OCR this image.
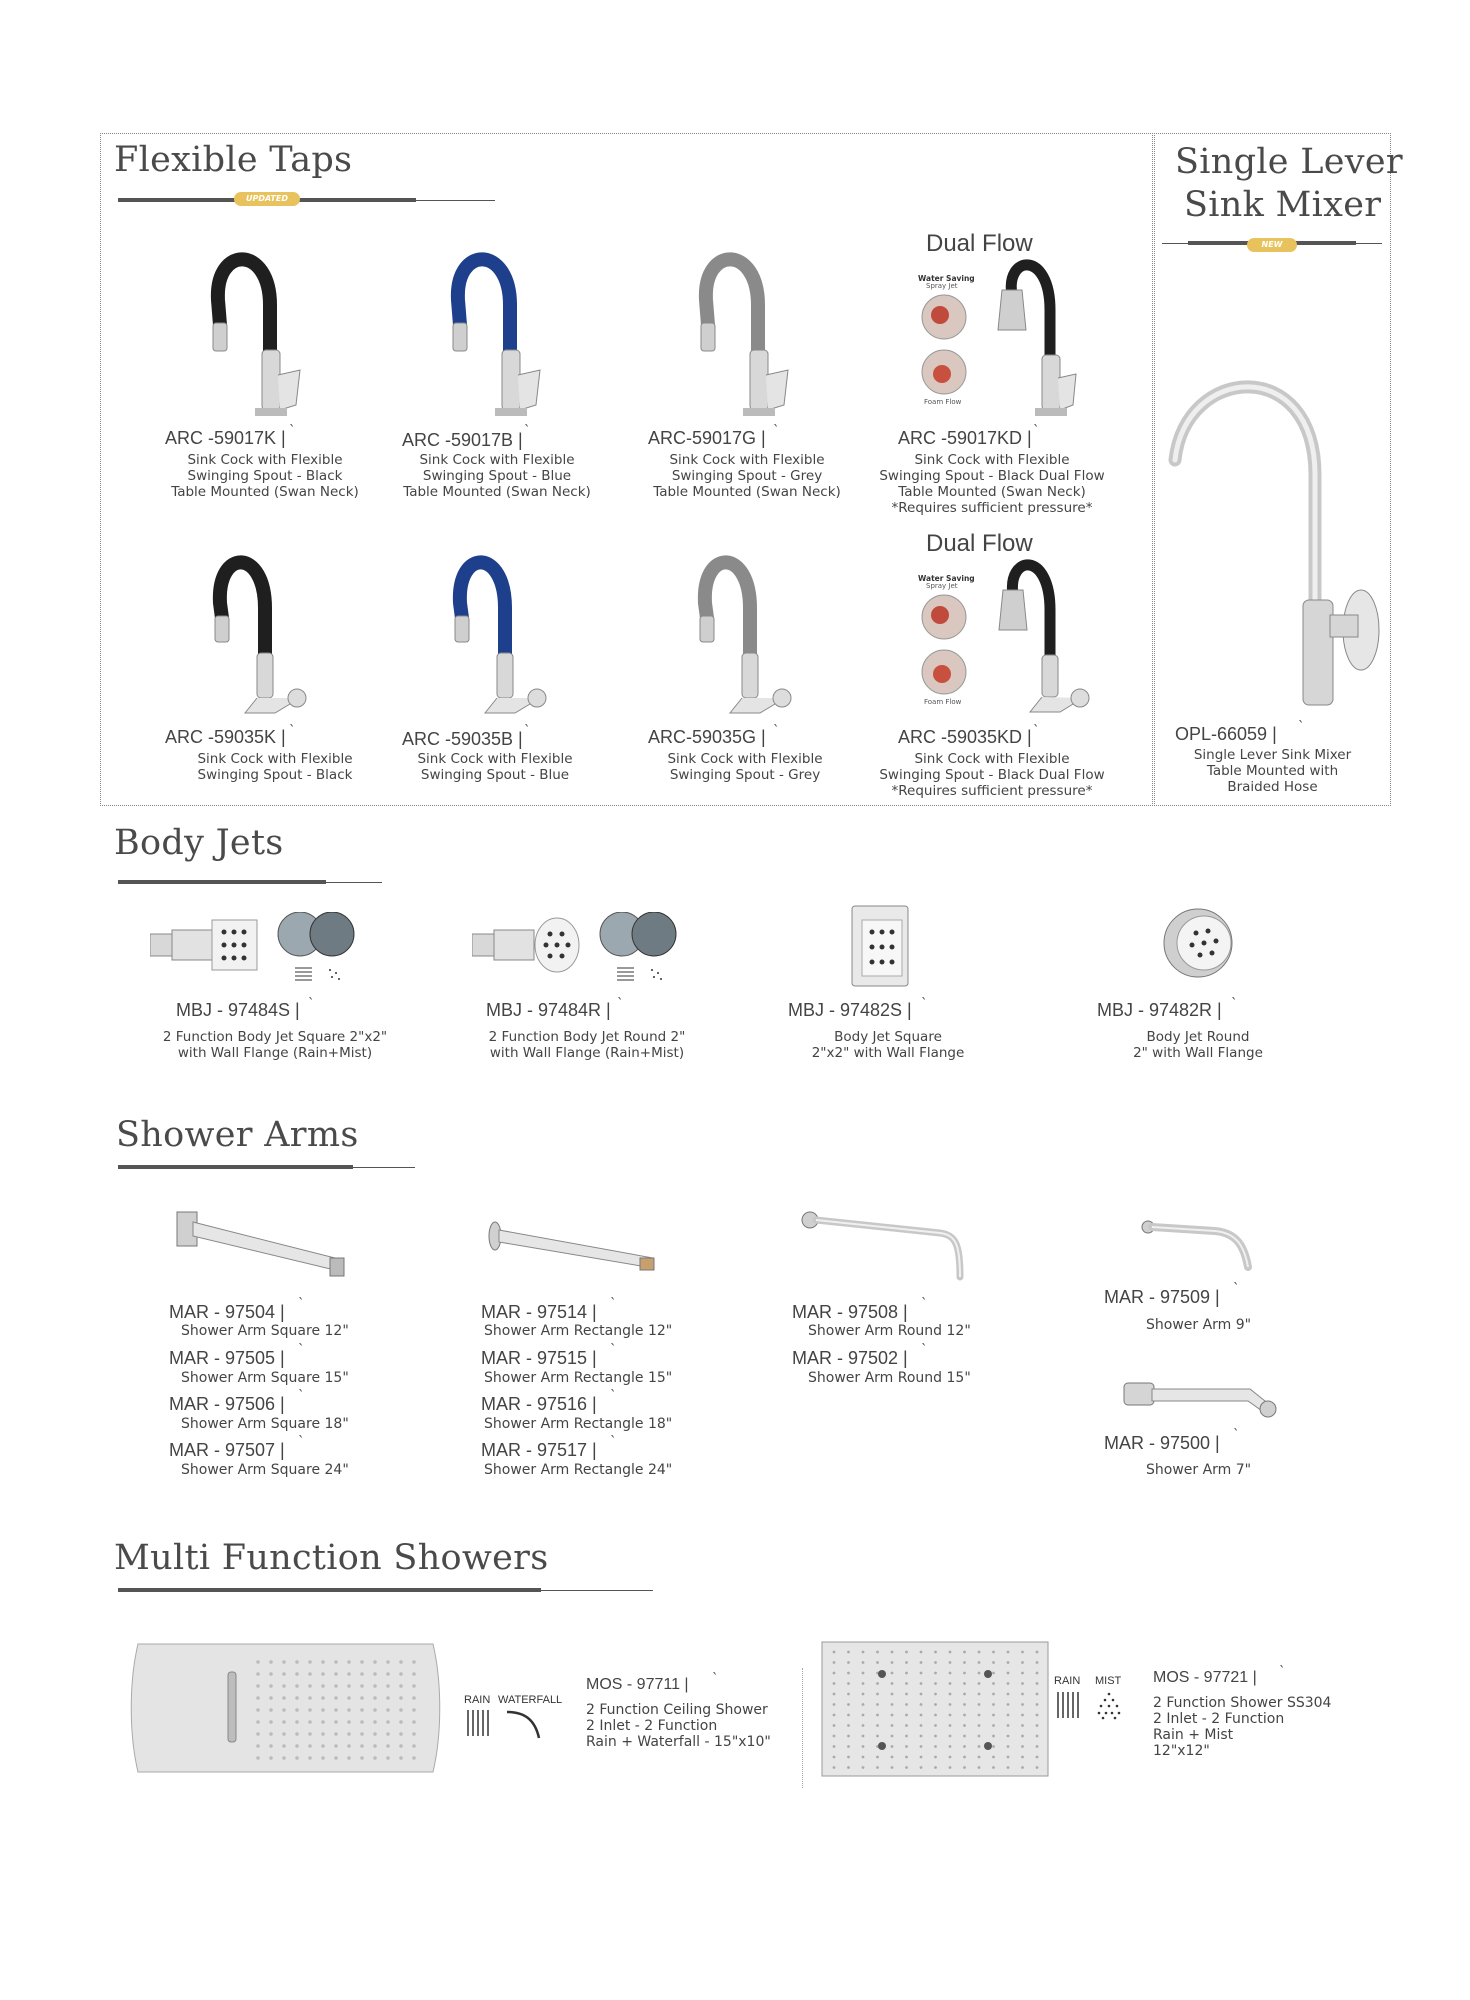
Flexible Taps
UPDATED
Dual Flow
Water Saving
Spray Jet
Foam Flow
ARC -59017K | `
Sink Cock with Flexible
Swinging Spout - Black
Table Mounted (Swan Neck)
ARC -59017B | `
Sink Cock with Flexible
Swinging Spout - Blue
Table Mounted (Swan Neck)
ARC-59017G | `
Sink Cock with Flexible
Swinging Spout - Grey
Table Mounted (Swan Neck)
ARC -59017KD | `
Sink Cock with Flexible
Swinging Spout - Black Dual Flow
Table Mounted (Swan Neck)
*Requires sufficient pressure*
Dual Flow
Water Saving
Spray Jet
Foam Flow
ARC -59035K | `
Sink Cock with Flexible
Swinging Spout - Black
ARC -59035B | `
Sink Cock with Flexible
Swinging Spout - Blue
ARC-59035G | `
Sink Cock with Flexible
Swinging Spout - Grey
ARC -59035KD | `
Sink Cock with Flexible
Swinging Spout - Black Dual Flow
*Requires sufficient pressure*
Single Lever
Sink Mixer
NEW
OPL-66059 | `
Single Lever Sink Mixer
Table Mounted with
Braided Hose
Body Jets
MBJ - 97484S | `
2 Function Body Jet Square 2"x2"
with Wall Flange (Rain+Mist)
MBJ - 97484R | `
2 Function Body Jet Round 2"
with Wall Flange (Rain+Mist)
MBJ - 97482S | `
Body Jet Square
2"x2" with Wall Flange
MBJ - 97482R | `
Body Jet Round
2" with Wall Flange
Shower Arms
MAR - 97504 | `
Shower Arm Square 12"
MAR - 97505 | `
Shower Arm Square 15"
MAR - 97506 | `
Shower Arm Square 18"
MAR - 97507 | `
Shower Arm Square 24"
MAR - 97514 | `
Shower Arm Rectangle 12"
MAR - 97515 | `
Shower Arm Rectangle 15"
MAR - 97516 | `
Shower Arm Rectangle 18"
MAR - 97517 | `
Shower Arm Rectangle 24"
MAR - 97508 | `
Shower Arm Round 12"
MAR - 97502 | `
Shower Arm Round 15"
MAR - 97509 | `
Shower Arm 9"
MAR - 97500 | `
Shower Arm 7"
Multi Function Showers
RAIN WATERFALL
MOS - 97711 | `
2 Function Ceiling Shower
2 Inlet - 2 Function
Rain + Waterfall - 15"x10"
RAIN MIST MOS - 97721 | `
2 Function Shower SS304
2 Inlet - 2 Function
Rain + Mist
12"x12"
